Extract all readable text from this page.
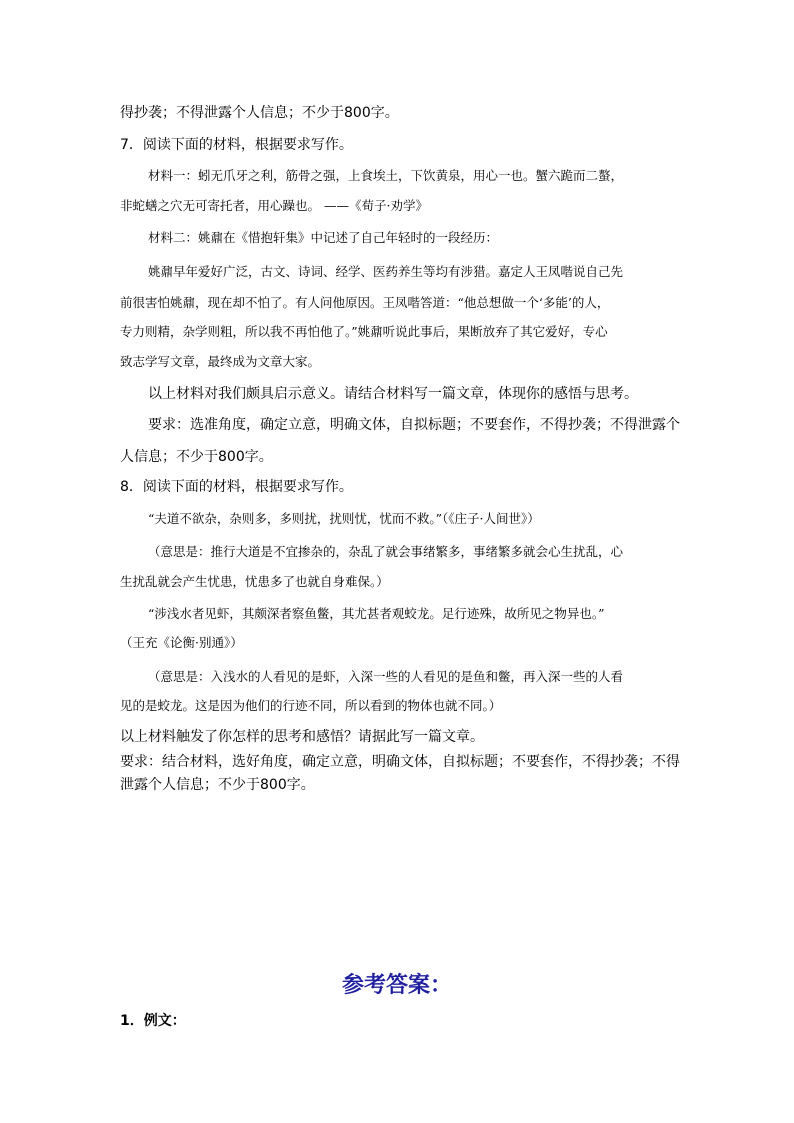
得抄袭；不得泄露个人信息；不少于800字。

7．阅读下面的材料，根据要求写作。

材料一：蚓无爪牙之利，筋骨之强，上食埃土，下饮黄泉，用心一也。蟹六跪而二螯，

非蛇蟮之穴无可寄托者，用心躁也。 ——《荀子·劝学》

材料二：姚鼐在《惜抱轩集》中记述了自己年轻时的一段经历：

姚鼐早年爱好广泛，古文、诗词、经学、医药养生等均有涉猎。嘉定人王凤喈说自己先

前很害怕姚鼐，现在却不怕了。有人问他原因。王凤喈答道：“他总想做一个‘多能’的人，

专力则精，杂学则粗，所以我不再怕他了。”姚鼐听说此事后，果断放弃了其它爱好，专心

致志学写文章，最终成为文章大家。

以上材料对我们颇具启示意义。请结合材料写一篇文章，体现你的感悟与思考。

要求：选准角度，确定立意，明确文体，自拟标题；不要套作，不得抄袭；不得泄露个

人信息；不少于800字。

8．阅读下面的材料，根据要求写作。

“夫道不欲杂，杂则多，多则扰，扰则忧，忧而不救。”（《庄子·人间世》）

（意思是：推行大道是不宜掺杂的，杂乱了就会事绪繁多，事绪繁多就会心生扰乱，心

生扰乱就会产生忧患，忧患多了也就自身难保。）

“涉浅水者见虾，其颇深者察鱼鳖，其尤甚者观蛟龙。足行迹殊，故所见之物异也。”

（王充《论衡·别通》）

（意思是：入浅水的人看见的是虾，入深一些的人看见的是鱼和鳖，再入深一些的人看

见的是蛟龙。这是因为他们的行迹不同，所以看到的物体也就不同。）

以上材料触发了你怎样的思考和感悟？请据此写一篇文章。

要求：结合材料，选好角度，确定立意，明确文体，自拟标题；不要套作，不得抄袭；不得

泄露个人信息；不少于800字。

参考答案：

1．例文：
